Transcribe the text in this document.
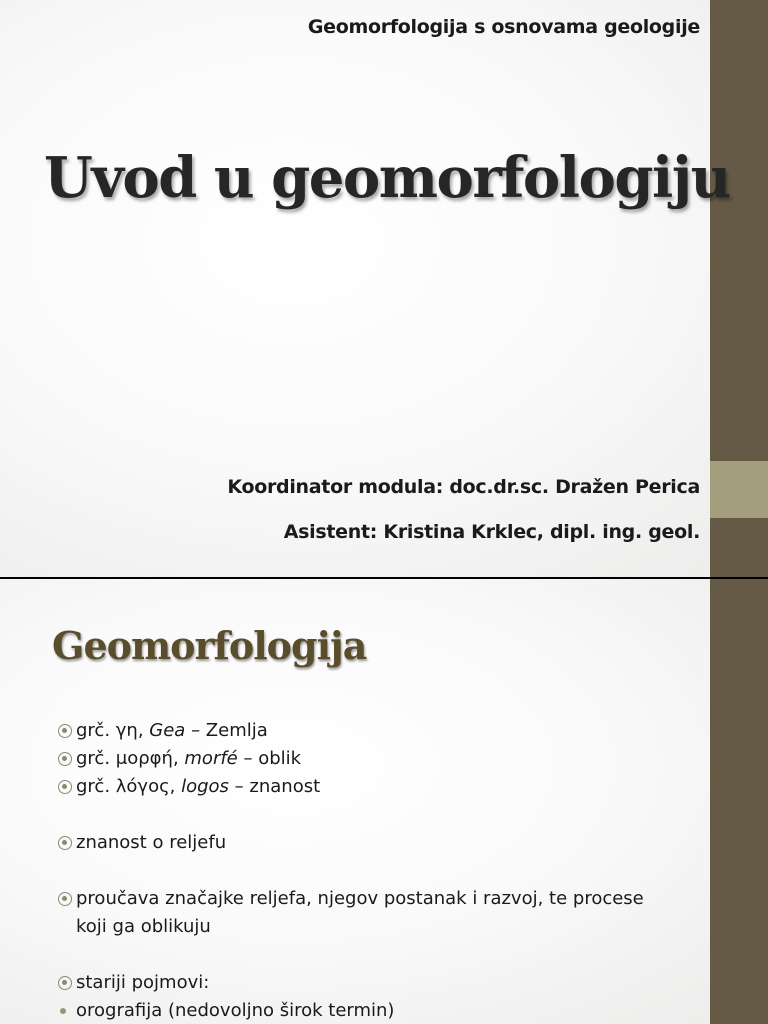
Geomorfologija s osnovama geologije
Uvod u geomorfologiju
Koordinator modula: doc.dr.sc. Dražen Perica
Asistent: Kristina Krklec, dipl. ing. geol.
Geomorfologija
grč. γη, Gea – Zemlja
grč. μορφή, morfé – oblik
grč. λόγος, logos – znanost
znanost o reljefu
proučava značajke reljefa, njegov postanak i razvoj, te procese
koji ga oblikuju
stariji pojmovi:
orografija (nedovoljno širok termin)
